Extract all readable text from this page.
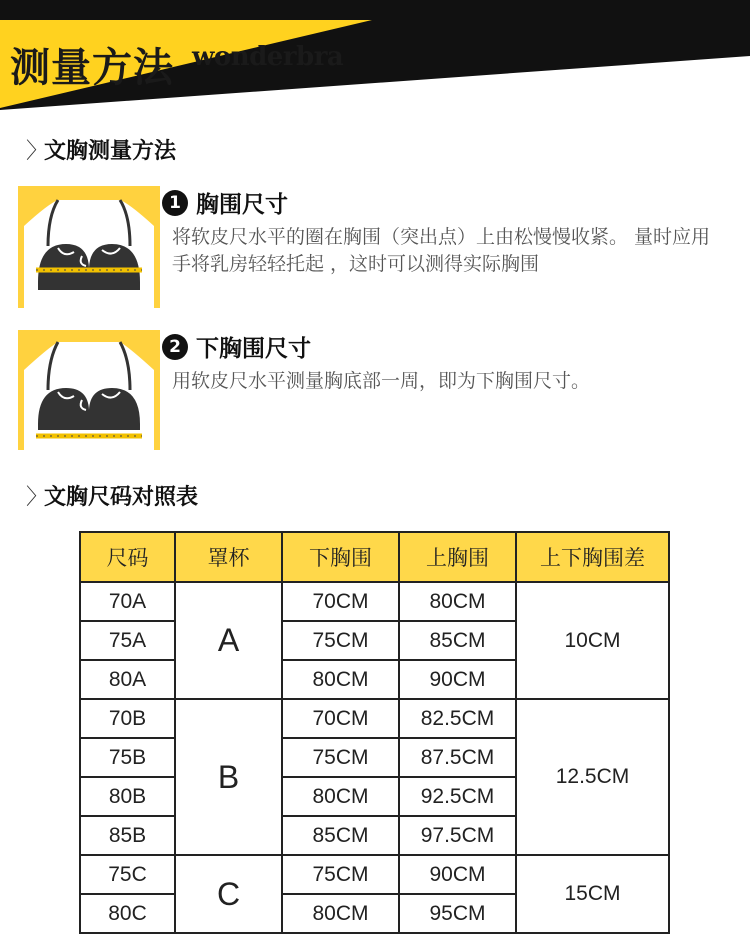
测量方法 wonderbra
〉文胸测量方法
1 胸围尺寸
将软皮尺水平的圈在胸围（突出点）上由松慢慢收紧。 量时应用手将乳房轻轻托起 ，这时可以测得实际胸围
2 下胸围尺寸
用软皮尺水平测量胸底部一周，即为下胸围尺寸。
〉文胸尺码对照表
尺码	罩杯	下胸围	上胸围	上下胸围差
70A	A	70CM	80CM	10CM
75A		75CM	85CM	
80A		80CM	90CM	
70B	B	70CM	82.5CM	12.5CM
75B		75CM	87.5CM	
80B		80CM	92.5CM	
85B		85CM	97.5CM	
75C	C	75CM	90CM	15CM
80C		80CM	95CM	
